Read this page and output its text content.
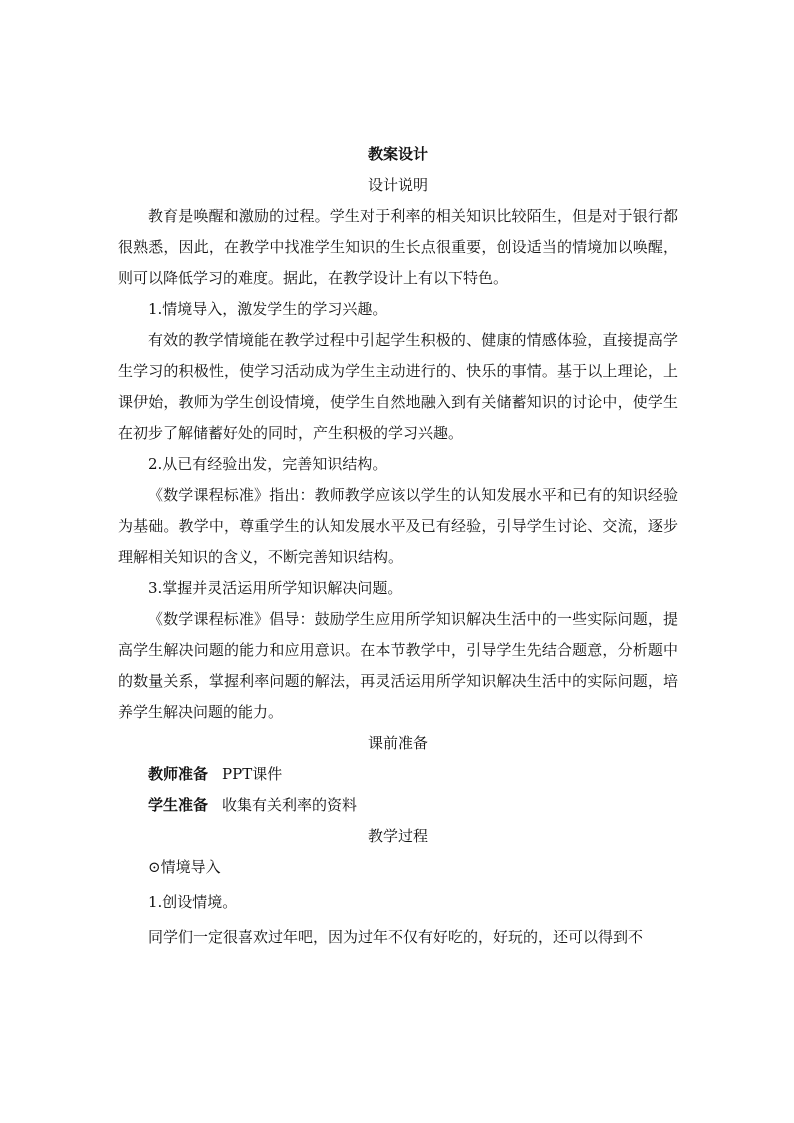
教案设计
设计说明

教育是唤醒和激励的过程。学生对于利率的相关知识比较陌生，但是对于银行都很熟悉，因此，在教学中找准学生知识的生长点很重要，创设适当的情境加以唤醒，则可以降低学习的难度。据此，在教学设计上有以下特色。

1.情境导入，激发学生的学习兴趣。

有效的教学情境能在教学过程中引起学生积极的、健康的情感体验，直接提高学生学习的积极性，使学习活动成为学生主动进行的、快乐的事情。基于以上理论，上课伊始，教师为学生创设情境，使学生自然地融入到有关储蓄知识的讨论中，使学生在初步了解储蓄好处的同时，产生积极的学习兴趣。

2.从已有经验出发，完善知识结构。

《数学课程标准》指出：教师教学应该以学生的认知发展水平和已有的知识经验为基础。教学中，尊重学生的认知发展水平及已有经验，引导学生讨论、交流，逐步理解相关知识的含义，不断完善知识结构。

3.掌握并灵活运用所学知识解决问题。

《数学课程标准》倡导：鼓励学生应用所学知识解决生活中的一些实际问题，提高学生解决问题的能力和应用意识。在本节教学中，引导学生先结合题意，分析题中的数量关系，掌握利率问题的解法，再灵活运用所学知识解决生活中的实际问题，培养学生解决问题的能力。

课前准备

教师准备 PPT课件

学生准备 收集有关利率的资料

教学过程

⊙情境导入

1.创设情境。

同学们一定很喜欢过年吧，因为过年不仅有好吃的，好玩的，还可以得到不
